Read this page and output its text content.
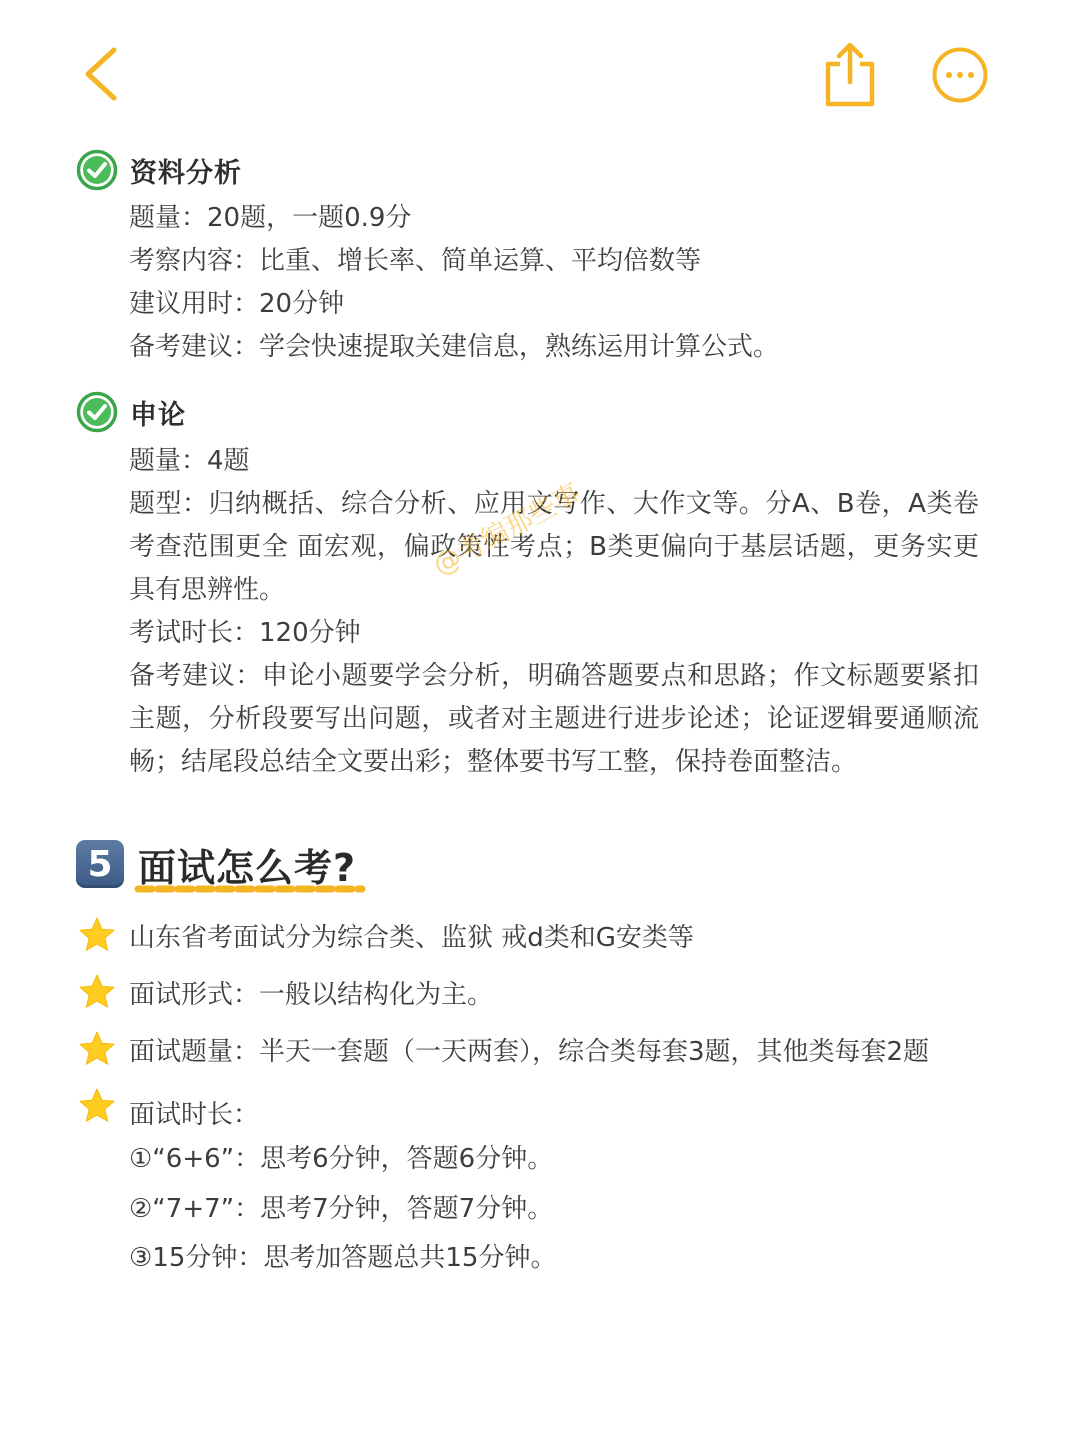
资料分析
题量：20题，一题0.9分
考察内容：比重、增长率、简单运算、平均倍数等
建议用时：20分钟
备考建议：学会快速提取关建信息，熟练运用计算公式。
申论
题量：4题
题型：归纳概括、综合分析、应用文写作、大作文等。分A、B卷，A类卷考查范围更全 面宏观，偏政策性考点；B类更偏向于基层话题，更务实更具有思辨性。
考试时长：120分钟
备考建议：申论小题要学会分析，明确答题要点和思路；作文标题要紧扣主题，分析段要写出问题，或者对主题进行进步论述；论证逻辑要通顺流畅；结尾段总结全文要出彩；整体要书写工整，保持卷面整洁。
@考编那些事
5 面试怎么考?
山东省考面试分为综合类、监狱 戒d类和G安类等
面试形式：一般以结构化为主。
面试题量：半天一套题（一天两套），综合类每套3题，其他类每套2题
面试时长：
①“6+6”：思考6分钟，答题6分钟。
②“7+7”：思考7分钟，答题7分钟。
③15分钟：思考加答题总共15分钟。
